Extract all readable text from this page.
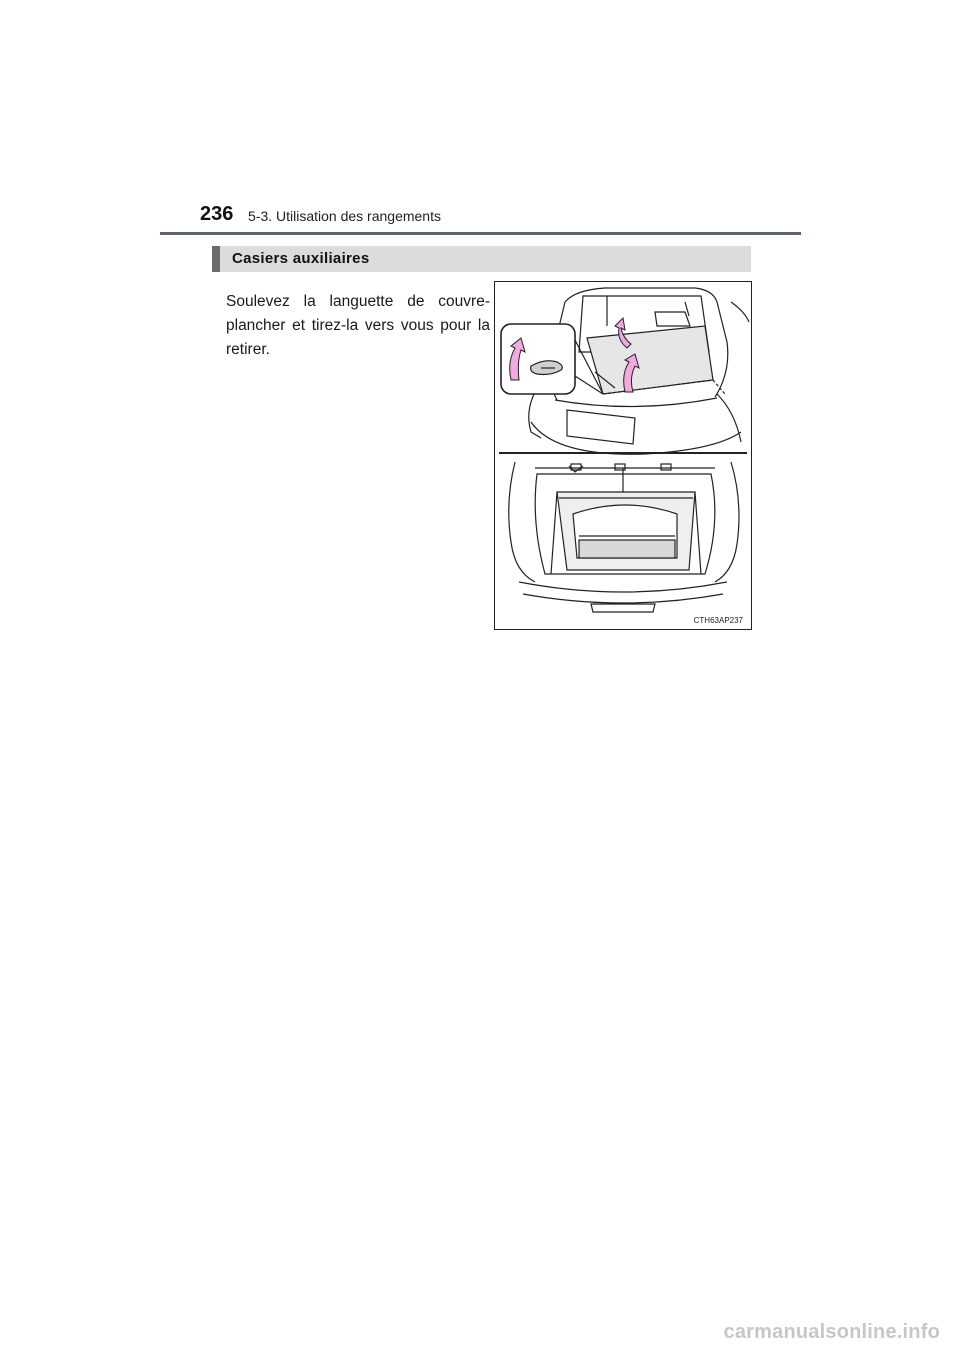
236 5-3. Utilisation des rangements
Casiers auxiliaires
Soulevez la languette de couvre-plancher et tirez-la vers vous pour la retirer.
CTH63AP237
carmanualsonline.info
